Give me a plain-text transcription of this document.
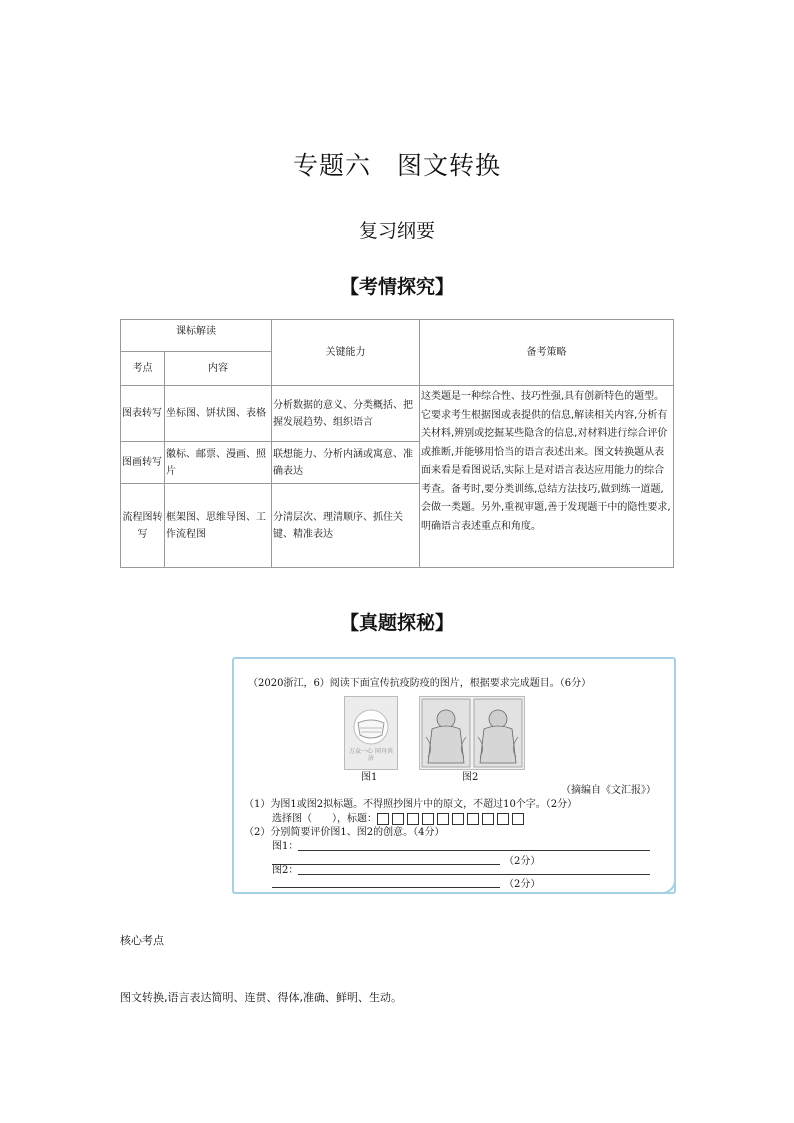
专题六　图文转换
复习纲要
【考情探究】
课标解读		关键能力	备考策略
考点	内容		
图表转写	坐标图、饼状图、表格	分析数据的意义、分类概括、把握发展趋势、组织语言	这类题是一种综合性、技巧性强,具有创新特色的题型。它要求考生根据图或表提供的信息,解读相关内容,分析有关材料,辨别或挖掘某些隐含的信息,对材料进行综合评价或推断,并能够用恰当的语言表述出来。图文转换题从表面来看是看图说话,实际上是对语言表达应用能力的综合考查。备考时,要分类训练,总结方法技巧,做到练一道题,会做一类题。另外,重视审题,善于发现题干中的隐性要求,明确语言表述重点和角度。
图画转写	徽标、邮票、漫画、照片	联想能力、分析内涵或寓意、准确表达	
流程图转写	框架图、思维导图、工作流程图	分清层次、理清顺序、抓住关键、精准表达	
【真题探秘】
（2020浙江，6）阅读下面宣传抗疫防疫的图片，根据要求完成题目。（6分）
万众一心 同舟共济
图1	图2
（摘编自《文汇报》）
（1）为图1或图2拟标题。不得照抄图片中的原文，不超过10个字。（2分）
选择图（　　），标题：
（2）分别简要评价图1、图2的创意。（4分）
图1：
（2分）
图2：
（2分）
核心考点
图文转换,语言表达简明、连贯、得体,准确、鲜明、生动。
